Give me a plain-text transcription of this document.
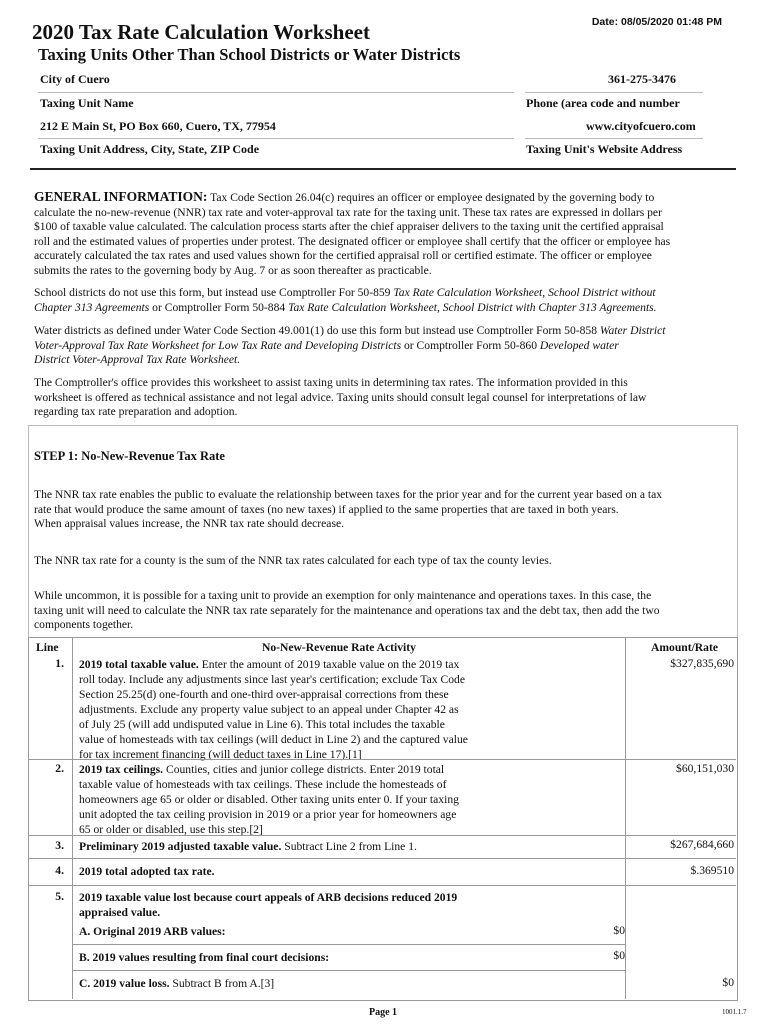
2020 Tax Rate Calculation Worksheet	Date: 08/05/2020 01:48 PM
Taxing Units Other Than School Districts or Water Districts
City of Cuero	361-275-3476
Taxing Unit Name	Phone (area code and number
212 E Main St, PO Box 660, Cuero, TX, 77954	www.cityofcuero.com
Taxing Unit Address, City, State, ZIP Code	Taxing Unit's Website Address
GENERAL INFORMATION: Tax Code Section 26.04(c) requires an officer or employee designated by the governing body to
calculate the no-new-revenue (NNR) tax rate and voter-approval tax rate for the taxing unit. These tax rates are expressed in dollars per
$100 of taxable value calculated. The calculation process starts after the chief appraiser delivers to the taxing unit the certified appraisal
roll and the estimated values of properties under protest. The designated officer or employee shall certify that the officer or employee has
accurately calculated the tax rates and used values shown for the certified appraisal roll or certified estimate. The officer or employee
submits the rates to the governing body by Aug. 7 or as soon thereafter as practicable.
School districts do not use this form, but instead use Comptroller For 50-859 Tax Rate Calculation Worksheet, School District without
Chapter 313 Agreements or Comptroller Form 50-884 Tax Rate Calculation Worksheet, School District with Chapter 313 Agreements.
Water districts as defined under Water Code Section 49.001(1) do use this form but instead use Comptroller Form 50-858 Water District
Voter-Approval Tax Rate Worksheet for Low Tax Rate and Developing Districts or Comptroller Form 50-860 Developed water
District Voter-Approval Tax Rate Worksheet.
The Comptroller's office provides this worksheet to assist taxing units in determining tax rates. The information provided in this
worksheet is offered as technical assistance and not legal advice. Taxing units should consult legal counsel for interpretations of law
regarding tax rate preparation and adoption.
STEP 1: No-New-Revenue Tax Rate
The NNR tax rate enables the public to evaluate the relationship between taxes for the prior year and for the current year based on a tax
rate that would produce the same amount of taxes (no new taxes) if applied to the same properties that are taxed in both years.
When appraisal values increase, the NNR tax rate should decrease.
The NNR tax rate for a county is the sum of the NNR tax rates calculated for each type of tax the county levies.
While uncommon, it is possible for a taxing unit to provide an exemption for only maintenance and operations taxes. In this case, the
taxing unit will need to calculate the NNR tax rate separately for the maintenance and operations tax and the debt tax, then add the two
components together.
Line	No-New-Revenue Rate Activity	Amount/Rate
1. 2019 total taxable value. Enter the amount of 2019 taxable value on the 2019 tax
roll today. Include any adjustments since last year's certification; exclude Tax Code
Section 25.25(d) one-fourth and one-third over-appraisal corrections from these
adjustments. Exclude any property value subject to an appeal under Chapter 42 as
of July 25 (will add undisputed value in Line 6). This total includes the taxable
value of homesteads with tax ceilings (will deduct in Line 2) and the captured value
for tax increment financing (will deduct taxes in Line 17).[1]
$327,835,690
2. 2019 tax ceilings. Counties, cities and junior college districts. Enter 2019 total
taxable value of homesteads with tax ceilings. These include the homesteads of
homeowners age 65 or older or disabled. Other taxing units enter 0. If your taxing
unit adopted the tax ceiling provision in 2019 or a prior year for homeowners age
65 or older or disabled, use this step.[2]
$60,151,030
3. Preliminary 2019 adjusted taxable value. Subtract Line 2 from Line 1.	$267,684,660
4. 2019 total adopted tax rate.	$.369510
5. 2019 taxable value lost because court appeals of ARB decisions reduced 2019
appraised value.
A. Original 2019 ARB values:	$0
B. 2019 values resulting from final court decisions:	$0
C. 2019 value loss. Subtract B from A.[3]	$0
Page 1	1001.1.7
